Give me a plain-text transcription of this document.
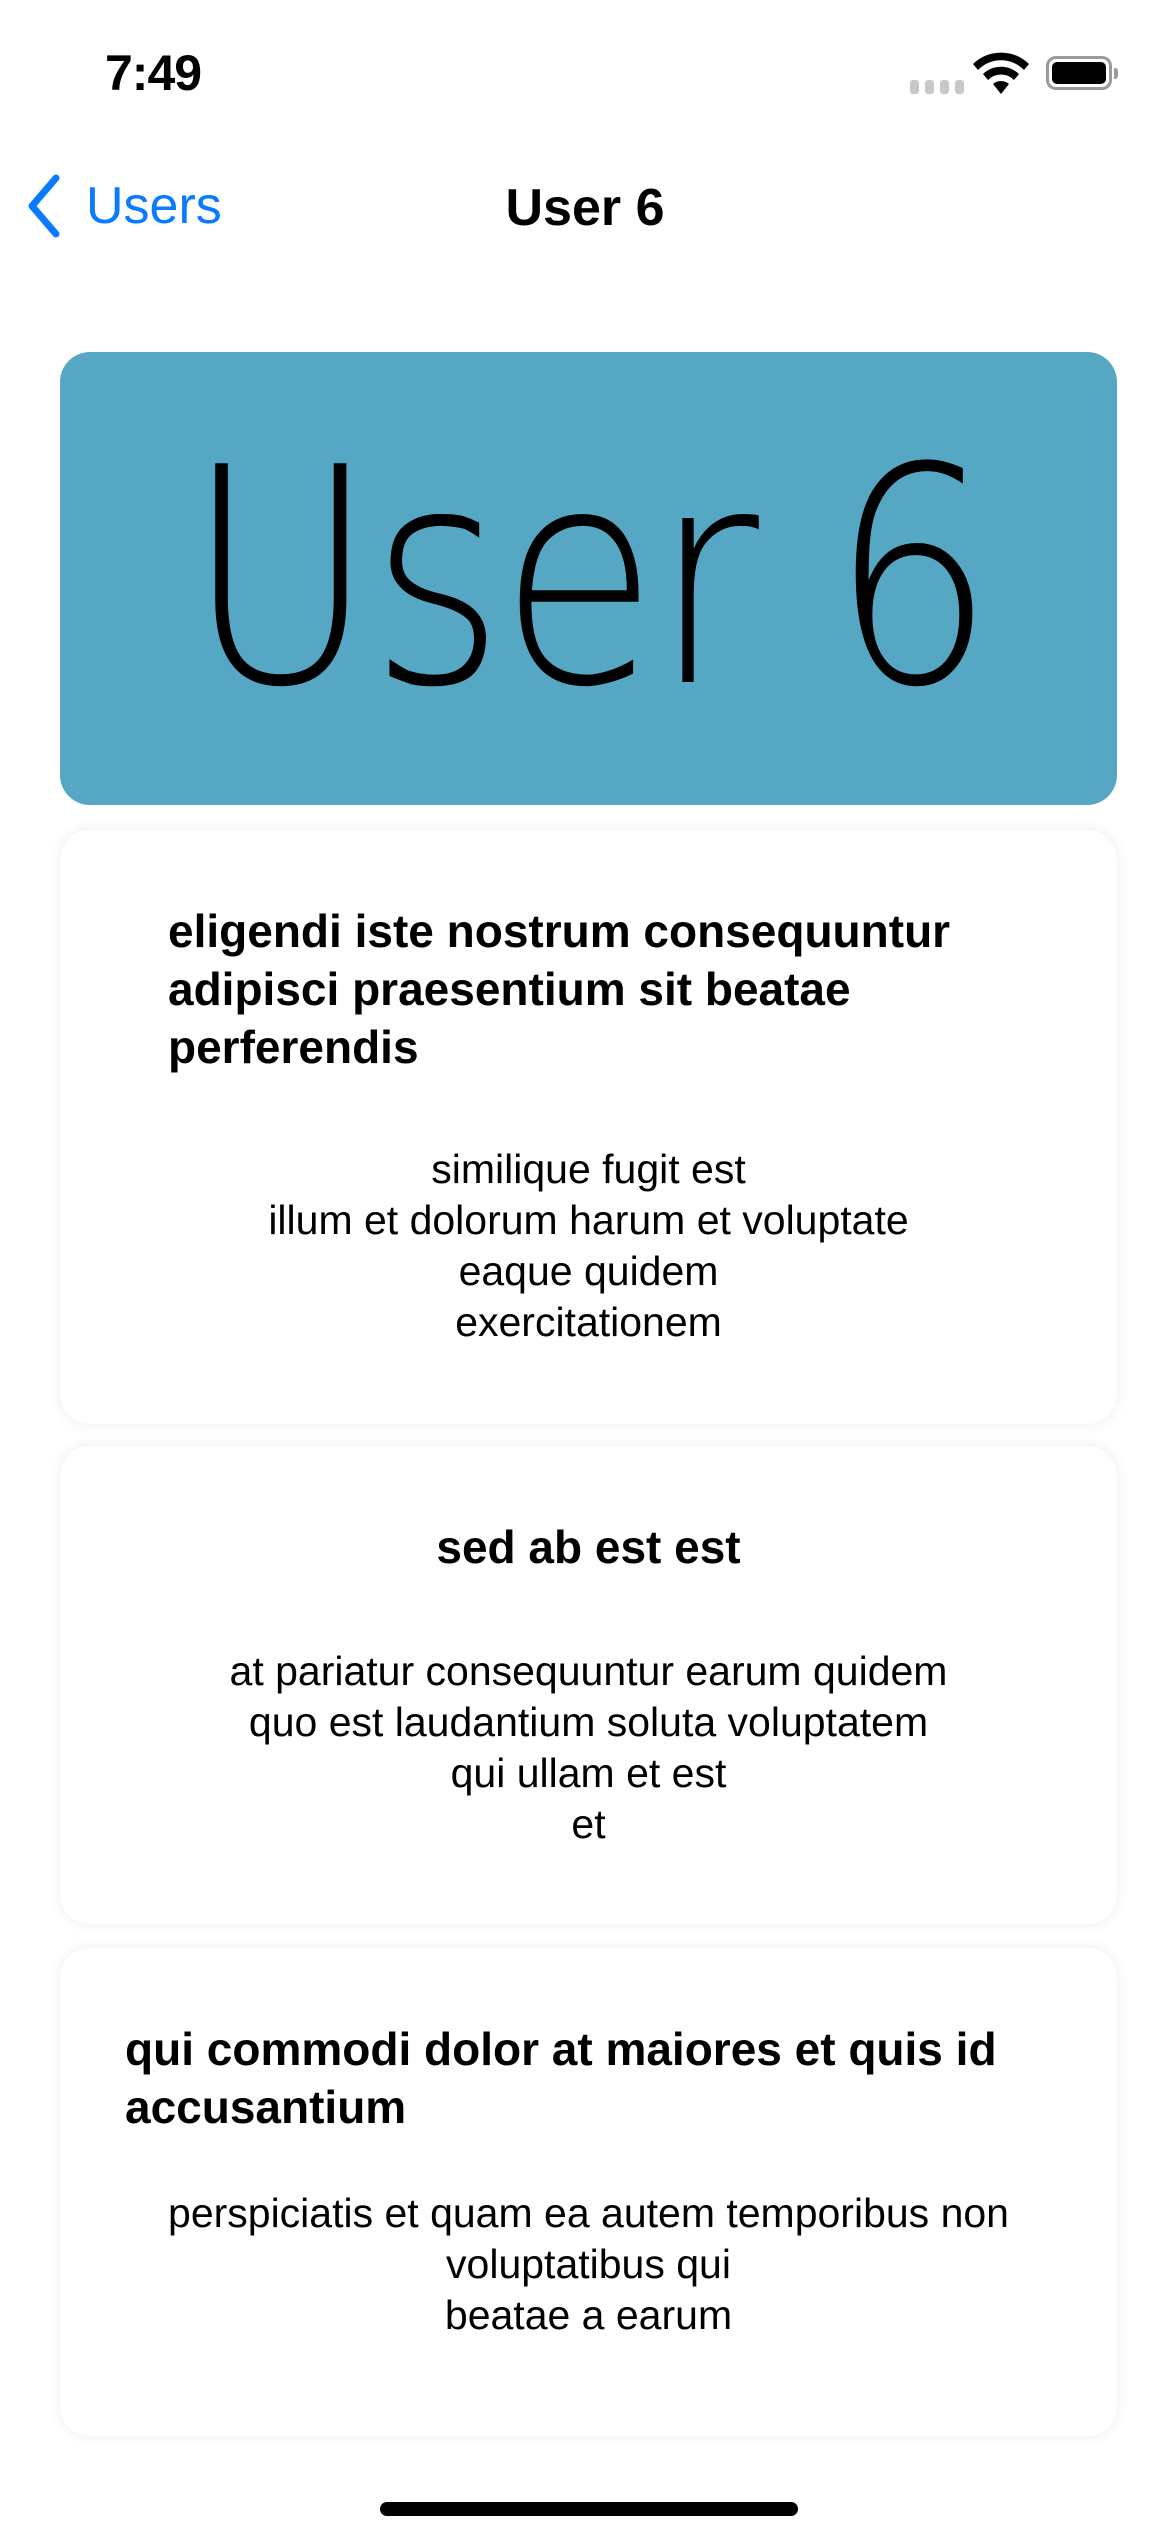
7:49
Users	User 6
User 6
eligendi iste nostrum consequuntur adipisci praesentium sit beatae perferendis
similique fugit est
illum et dolorum harum et voluptate
eaque quidem
exercitationem
sed ab est est
at pariatur consequuntur earum quidem
quo est laudantium soluta voluptatem
qui ullam et est
et
qui commodi dolor at maiores et quis id accusantium
perspiciatis et quam ea autem temporibus non
voluptatibus qui
beatae a earum
